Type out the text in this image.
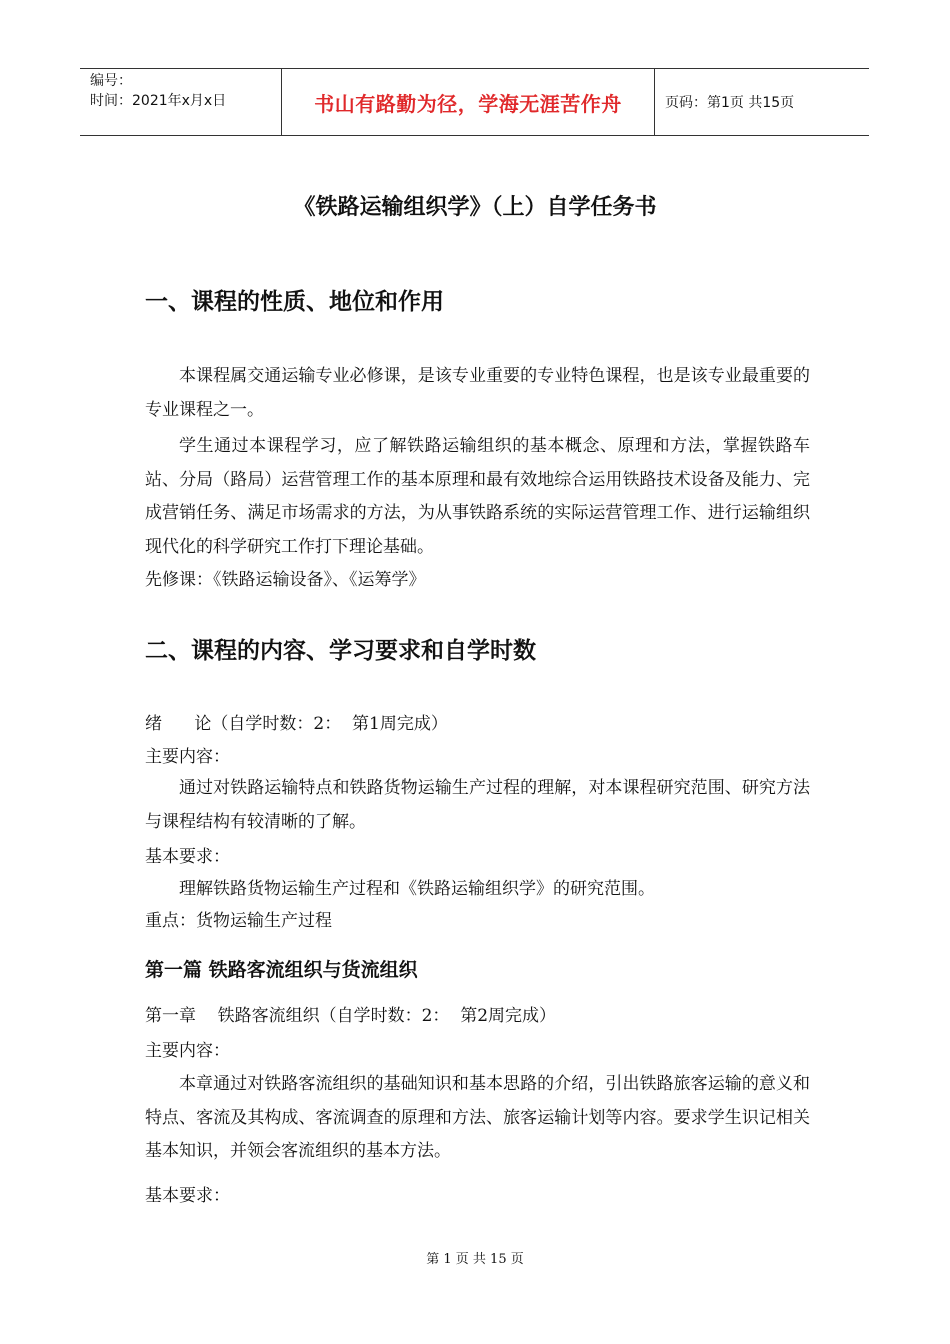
编号：
时间：2021年x月x日	书山有路勤为径，学海无涯苦作舟	页码：第1页 共15页
《铁路运输组织学》（上）自学任务书
一、课程的性质、地位和作用

本课程属交通运输专业必修课，是该专业重要的专业特色课程，也是该专业最重要的专业课程之一。

学生通过本课程学习，应了解铁路运输组织的基本概念、原理和方法，掌握铁路车站、分局（路局）运营管理工作的基本原理和最有效地综合运用铁路技术设备及能力、完成营销任务、满足市场需求的方法，为从事铁路系统的实际运营管理工作、进行运输组织现代化的科学研究工作打下理论基础。

先修课：《铁路运输设备》、《运筹学》
二、课程的内容、学习要求和自学时数
绪      论（自学时数：2：  第1周完成）
主要内容：

通过对铁路运输特点和铁路货物运输生产过程的理解，对本课程研究范围、研究方法与课程结构有较清晰的了解。

基本要求：
理解铁路货物运输生产过程和《铁路运输组织学》的研究范围。
重点：货物运输生产过程
第一篇 铁路客流组织与货流组织
第一章    铁路客流组织（自学时数：2：  第2周完成）
主要内容：

本章通过对铁路客流组织的基础知识和基本思路的介绍，引出铁路旅客运输的意义和特点、客流及其构成、客流调查的原理和方法、旅客运输计划等内容。要求学生识记相关基本知识，并领会客流组织的基本方法。

基本要求：
第 1 页 共 15 页
